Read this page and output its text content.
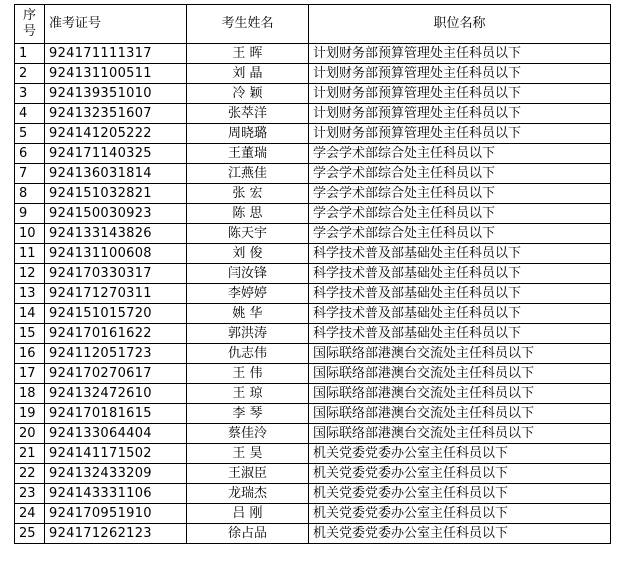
序
号	准考证号	考生姓名	职位名称
1	924171111317	王 晖	计划财务部预算管理处主任科员以下
2	924131100511	刘 晶	计划财务部预算管理处主任科员以下
3	924139351010	冷 颖	计划财务部预算管理处主任科员以下
4	924132351607	张萃洋	计划财务部预算管理处主任科员以下
5	924141205222	周晓璐	计划财务部预算管理处主任科员以下
6	924171140325	王董瑞	学会学术部综合处主任科员以下
7	924136031814	江燕佳	学会学术部综合处主任科员以下
8	924151032821	张 宏	学会学术部综合处主任科员以下
9	924150030923	陈 思	学会学术部综合处主任科员以下
10	924133143826	陈天宇	学会学术部综合处主任科员以下
11	924131100608	刘 俊	科学技术普及部基础处主任科员以下
12	924170330317	闫汝锋	科学技术普及部基础处主任科员以下
13	924171270311	李婷婷	科学技术普及部基础处主任科员以下
14	924151015720	姚 华	科学技术普及部基础处主任科员以下
15	924170161622	郭洪涛	科学技术普及部基础处主任科员以下
16	924112051723	仇志伟	国际联络部港澳台交流处主任科员以下
17	924170270617	王 伟	国际联络部港澳台交流处主任科员以下
18	924132472610	王 琼	国际联络部港澳台交流处主任科员以下
19	924170181615	李 琴	国际联络部港澳台交流处主任科员以下
20	924133064404	蔡佳泠	国际联络部港澳台交流处主任科员以下
21	924141171502	王 昊	机关党委党委办公室主任科员以下
22	924132433209	王淑臣	机关党委党委办公室主任科员以下
23	924143331106	龙瑞杰	机关党委党委办公室主任科员以下
24	924170951910	吕 刚	机关党委党委办公室主任科员以下
25	924171262123	徐占品	机关党委党委办公室主任科员以下
